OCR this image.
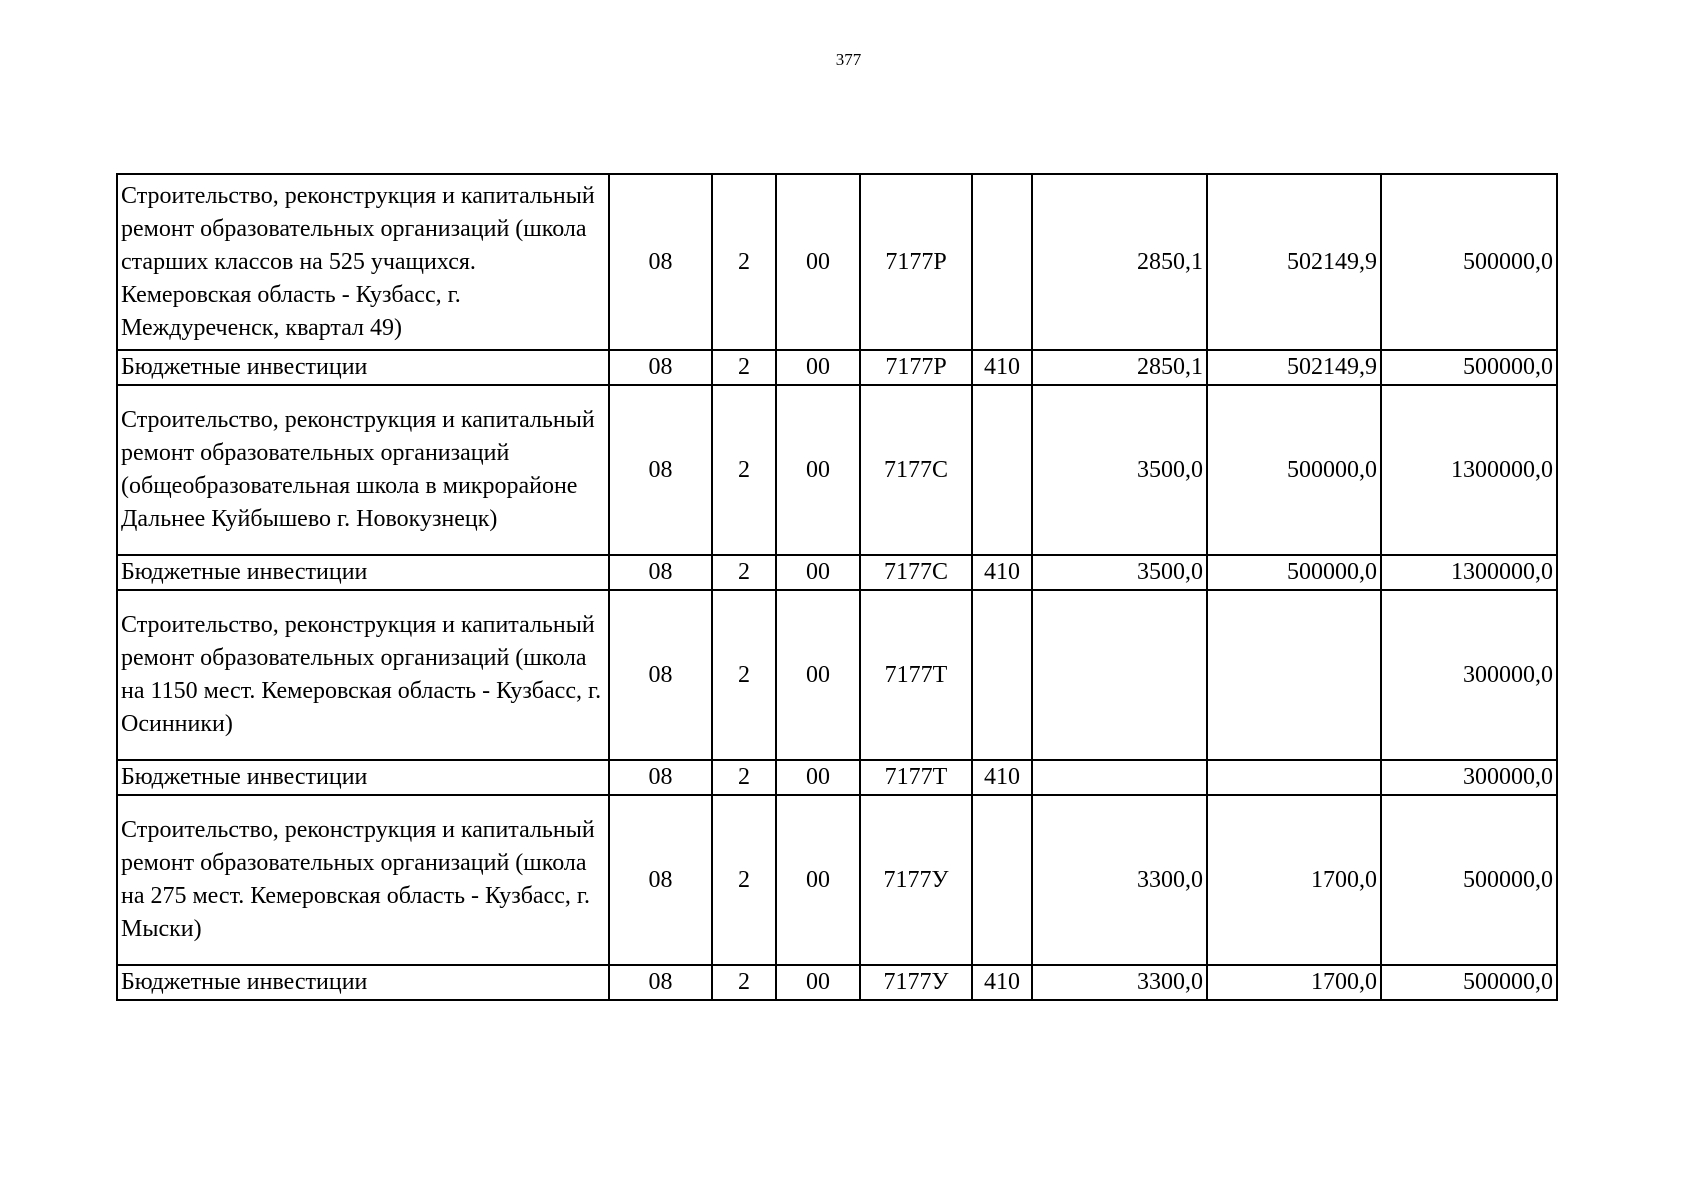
377
Строительство, реконструкция и капитальный ремонт образовательных организаций (школа старших классов на 525 учащихся. Кемеровская область - Кузбасс, г. Междуреченск, квартал 49)	08	2	00	7177Р		2850,1	502149,9	500000,0
Бюджетные инвестиции	08	2	00	7177Р	410	2850,1	502149,9	500000,0
Строительство, реконструкция и капитальный ремонт образовательных организаций (общеобразовательная школа в микрорайоне Дальнее Куйбышево г. Новокузнецк)	08	2	00	7177С		3500,0	500000,0	1300000,0
Бюджетные инвестиции	08	2	00	7177С	410	3500,0	500000,0	1300000,0
Строительство, реконструкция и капитальный ремонт образовательных организаций (школа на 1150 мест. Кемеровская область - Кузбасс, г. Осинники)	08	2	00	7177Т				300000,0
Бюджетные инвестиции	08	2	00	7177Т	410			300000,0
Строительство, реконструкция и капитальный ремонт образовательных организаций (школа на 275 мест. Кемеровская область - Кузбасс, г. Мыски)	08	2	00	7177У		3300,0	1700,0	500000,0
Бюджетные инвестиции	08	2	00	7177У	410	3300,0	1700,0	500000,0
